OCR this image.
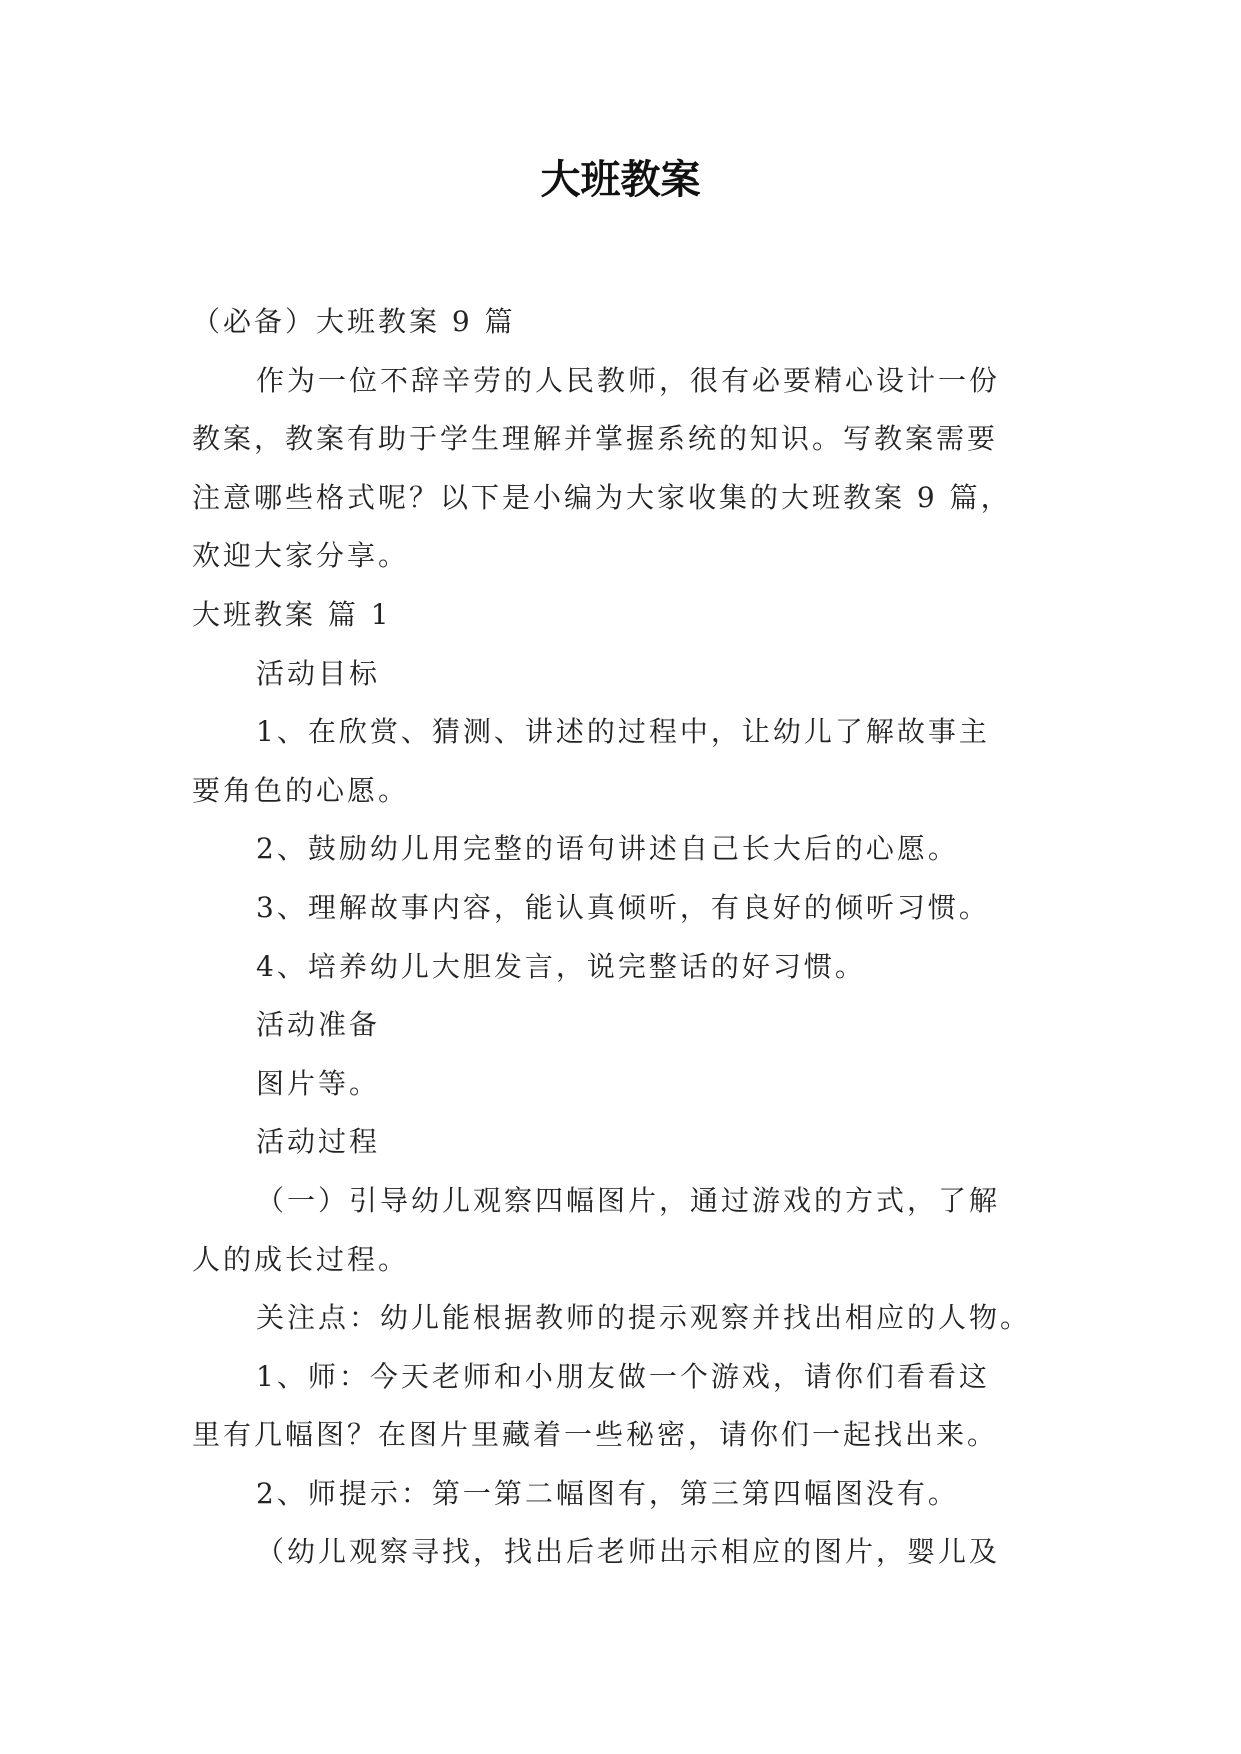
大班教案

（必备）大班教案 9 篇

作为一位不辞辛劳的人民教师，很有必要精心设计一份

教案，教案有助于学生理解并掌握系统的知识。写教案需要

注意哪些格式呢？以下是小编为大家收集的大班教案 9 篇，

欢迎大家分享。

大班教案 篇 1

活动目标

1、在欣赏、猜测、讲述的过程中，让幼儿了解故事主

要角色的心愿。

2、鼓励幼儿用完整的语句讲述自己长大后的心愿。

3、理解故事内容，能认真倾听，有良好的倾听习惯。

4、培养幼儿大胆发言，说完整话的好习惯。

活动准备

图片等。

活动过程

（一）引导幼儿观察四幅图片，通过游戏的方式，了解

人的成长过程。

关注点：幼儿能根据教师的提示观察并找出相应的人物。

1、师：今天老师和小朋友做一个游戏，请你们看看这

里有几幅图？在图片里藏着一些秘密，请你们一起找出来。

2、师提示：第一第二幅图有，第三第四幅图没有。

（幼儿观察寻找，找出后老师出示相应的图片，婴儿及
